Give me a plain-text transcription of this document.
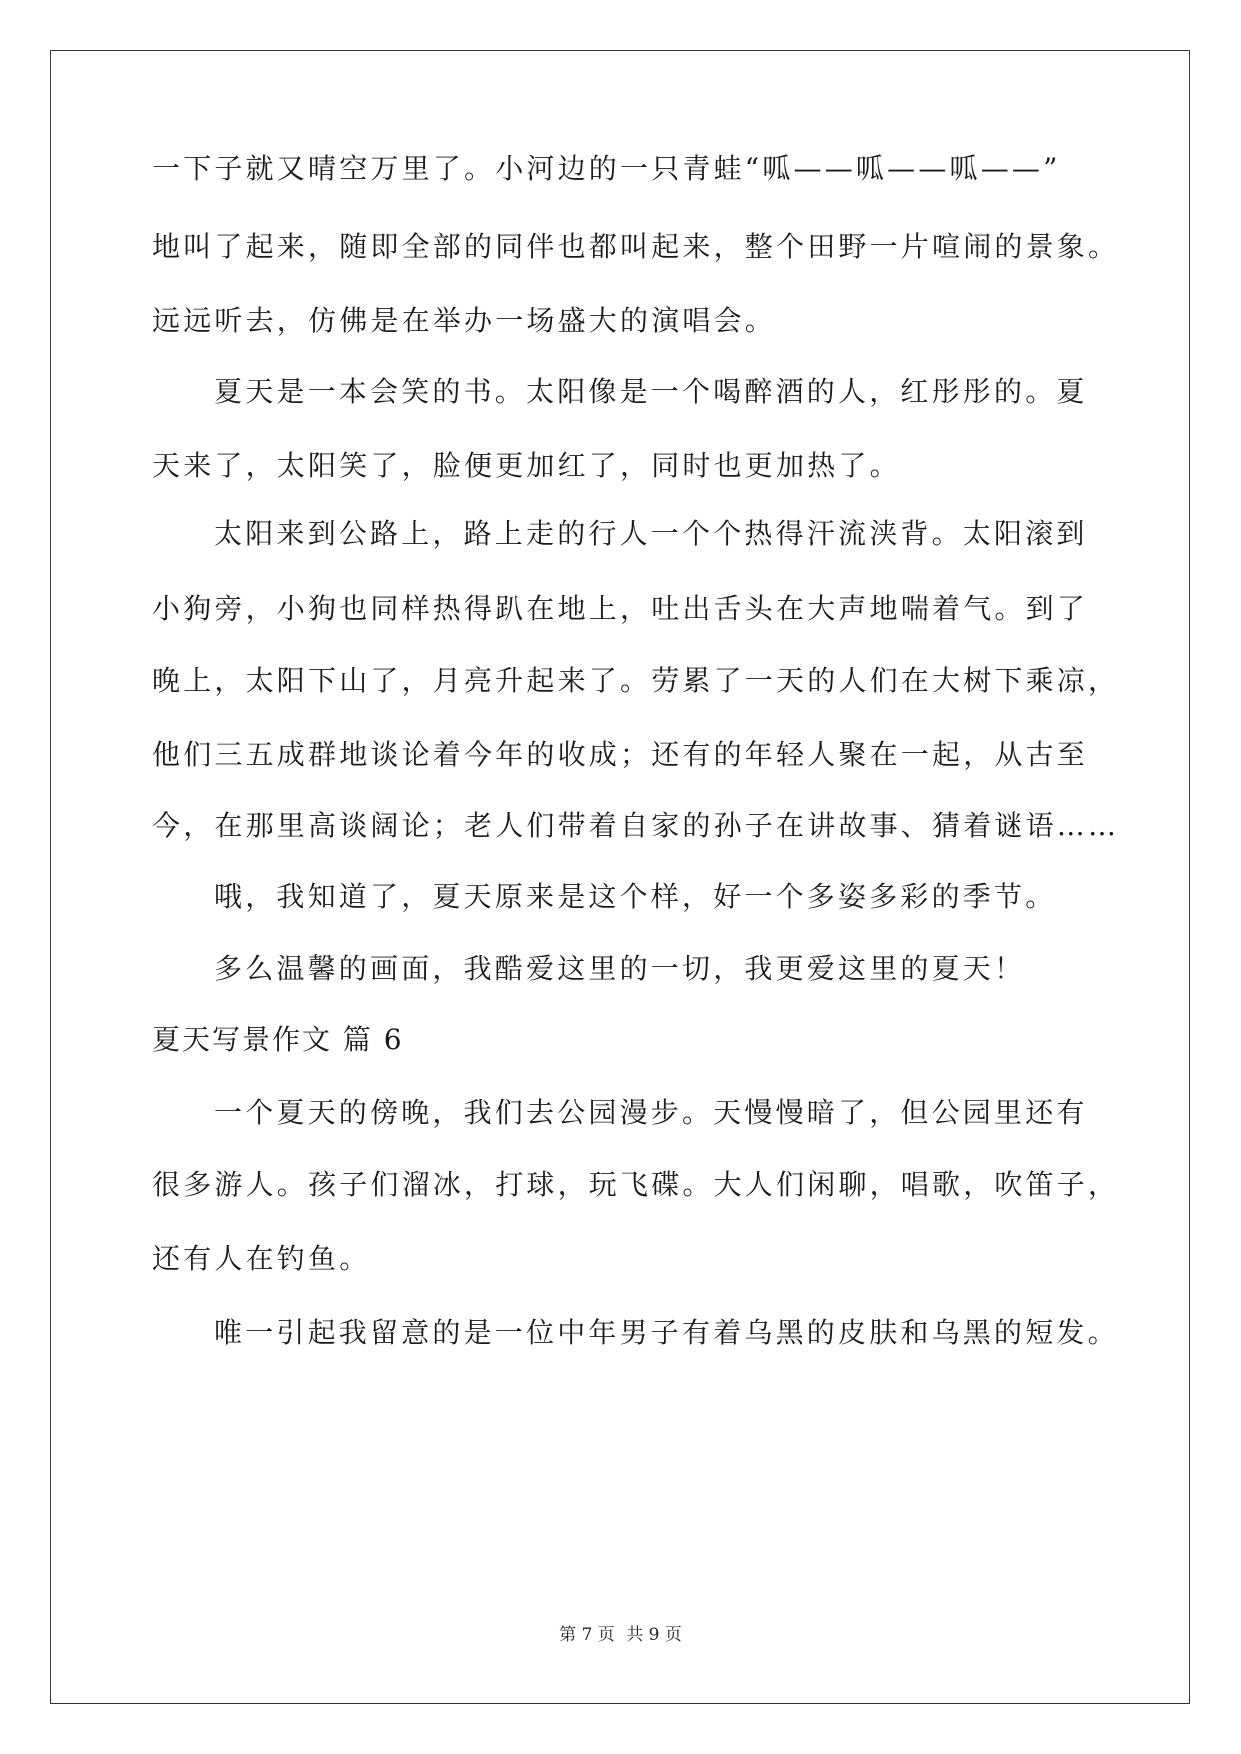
一下子就又晴空万里了。小河边的一只青蛙“呱——呱——呱——”
地叫了起来，随即全部的同伴也都叫起来，整个田野一片喧闹的景象。
远远听去，仿佛是在举办一场盛大的演唱会。
夏天是一本会笑的书。太阳像是一个喝醉酒的人，红彤彤的。夏
天来了，太阳笑了，脸便更加红了，同时也更加热了。
太阳来到公路上，路上走的行人一个个热得汗流浃背。太阳滚到
小狗旁，小狗也同样热得趴在地上，吐出舌头在大声地喘着气。到了
晚上，太阳下山了，月亮升起来了。劳累了一天的人们在大树下乘凉，
他们三五成群地谈论着今年的收成；还有的年轻人聚在一起，从古至
今，在那里高谈阔论；老人们带着自家的孙子在讲故事、猜着谜语……
哦，我知道了，夏天原来是这个样，好一个多姿多彩的季节。
多么温馨的画面，我酷爱这里的一切，我更爱这里的夏天！
夏天写景作文 篇 6
一个夏天的傍晚，我们去公园漫步。天慢慢暗了，但公园里还有
很多游人。孩子们溜冰，打球，玩飞碟。大人们闲聊，唱歌，吹笛子，
还有人在钓鱼。
唯一引起我留意的是一位中年男子有着乌黑的皮肤和乌黑的短发。
第 7 页 共 9 页
